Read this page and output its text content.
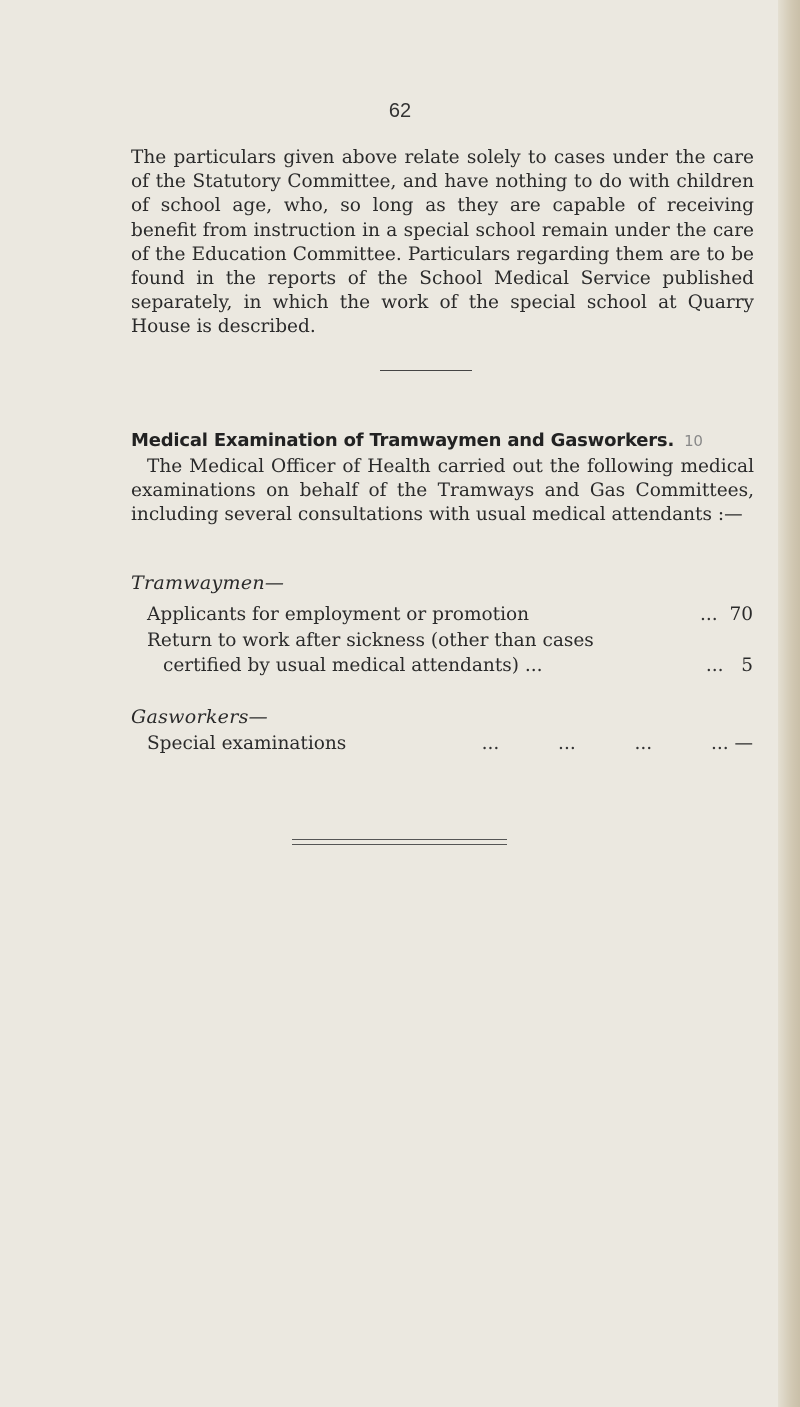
62

The particulars given above relate solely to cases under the care of the Statutory Committee, and have nothing to do with children of school age, who, so long as they are capable of receiving benefit from instruction in a special school remain under the care of the Education Committee. Particulars regarding them are to be found in the reports of the School Medical Service published separately, in which the work of the special school at Quarry House is described.

Medical Examination of Tramwaymen and Gasworkers. 10

The Medical Officer of Health carried out the following medical examinations on behalf of the Tramways and Gas Committees, including several consultations with usual medical attendants :—

Tramwaymen—
Applicants for employment or promotion	... 70
Return to work after sickness (other than cases
certified by usual medical attendants) ...	... 5
Gasworkers—
Special examinations	...          ...          ...          ... —
